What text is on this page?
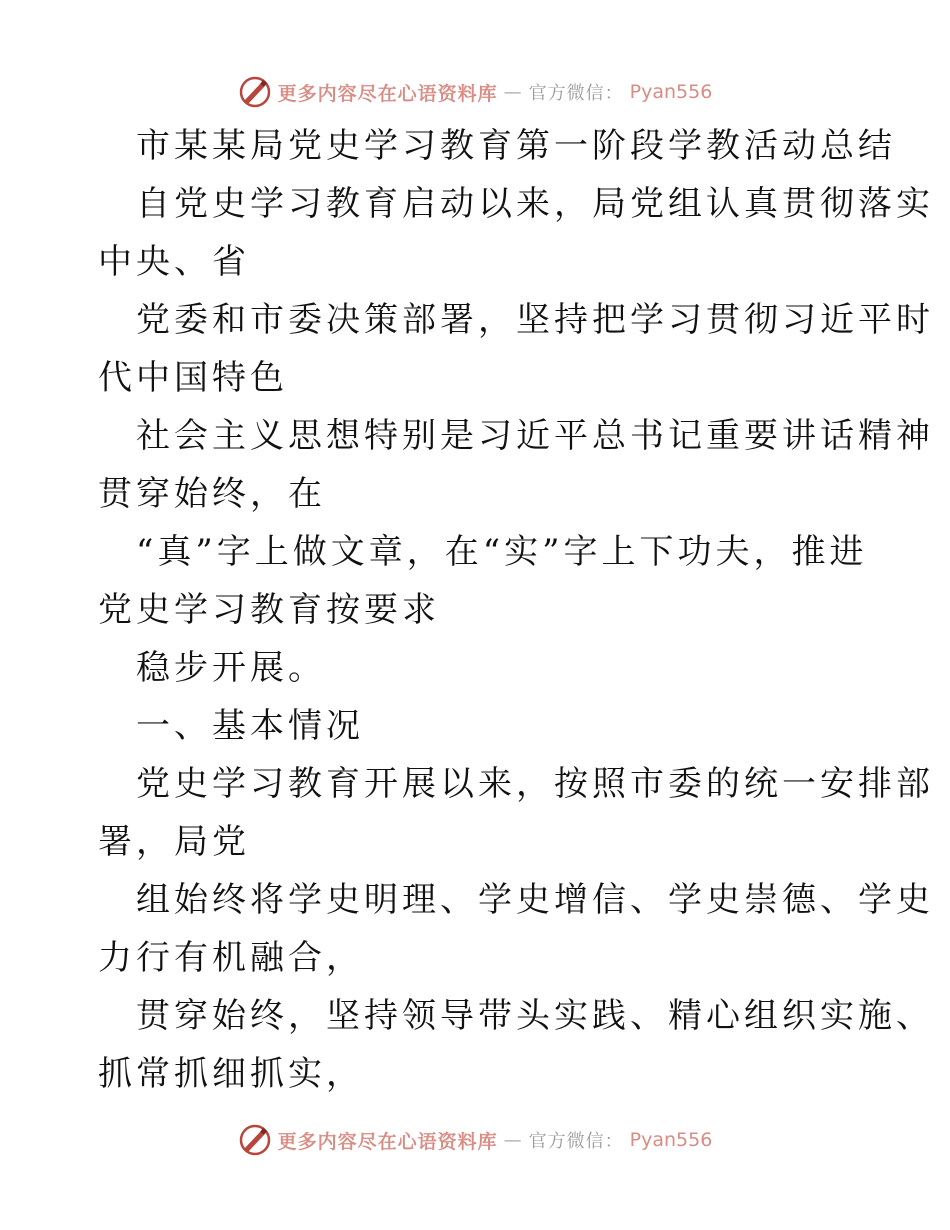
更多内容尽在心语资料库 — 官方微信： Pyan556
市某某局党史学习教育第一阶段学教活动总结
自党史学习教育启动以来，局党组认真贯彻落实
中央、省
党委和市委决策部署，坚持把学习贯彻习近平时
代中国特色
社会主义思想特别是习近平总书记重要讲话精神
贯穿始终，在
“真”字上做文章，在“实”字上下功夫，推进
党史学习教育按要求
稳步开展。
一、基本情况
党史学习教育开展以来，按照市委的统一安排部
署，局党
组始终将学史明理、学史增信、学史崇德、学史
力行有机融合，
贯穿始终，坚持领导带头实践、精心组织实施、
抓常抓细抓实，
更多内容尽在心语资料库 — 官方微信： Pyan556
